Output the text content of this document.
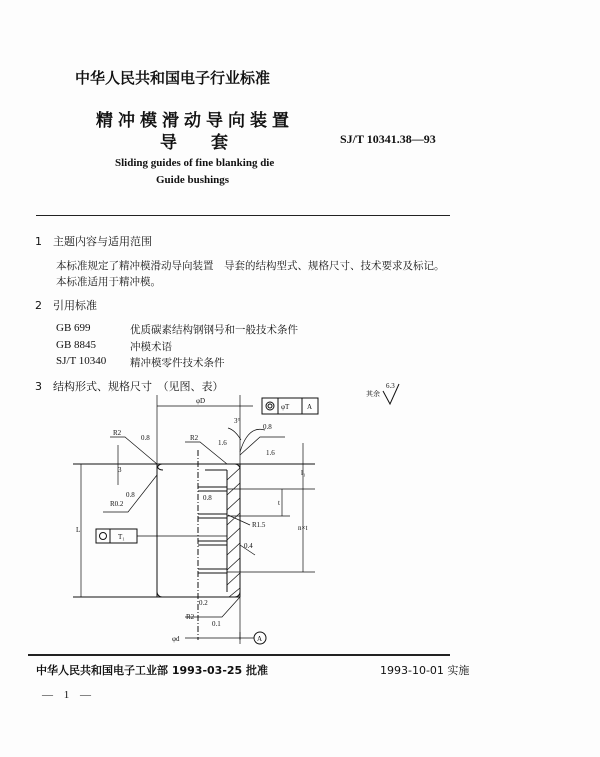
中华人民共和国电子行业标准
精冲模滑动导向装置
导　　套	SJ/T 10341.38—93
Sliding guides of fine blanking die
Guide bushings
1　主题内容与适用范围
本标准规定了精冲模滑动导向装置　导套的结构型式、规格尺寸、技术要求及标记。
本标准适用于精冲模。
2　引用标准
GB 699	优质碳素结构钢钢号和一般技术条件
GB 8845	冲模术语
SJ/T 10340 精冲模零件技术条件
3　结构形式、规格尺寸　（见图、表）
其余
6.3
φD
φT	A
R2
0.8	R2
1.6
3°
0.8
1.6
3
0.8
R0.2
0.8
L
t
l₁
n×t
R1.5
0.4
0.2
R2
0.1
φd
T₁
A
中华人民共和国电子工业部 1993-03-25 批准	1993-10-01 实施
— 1 —
